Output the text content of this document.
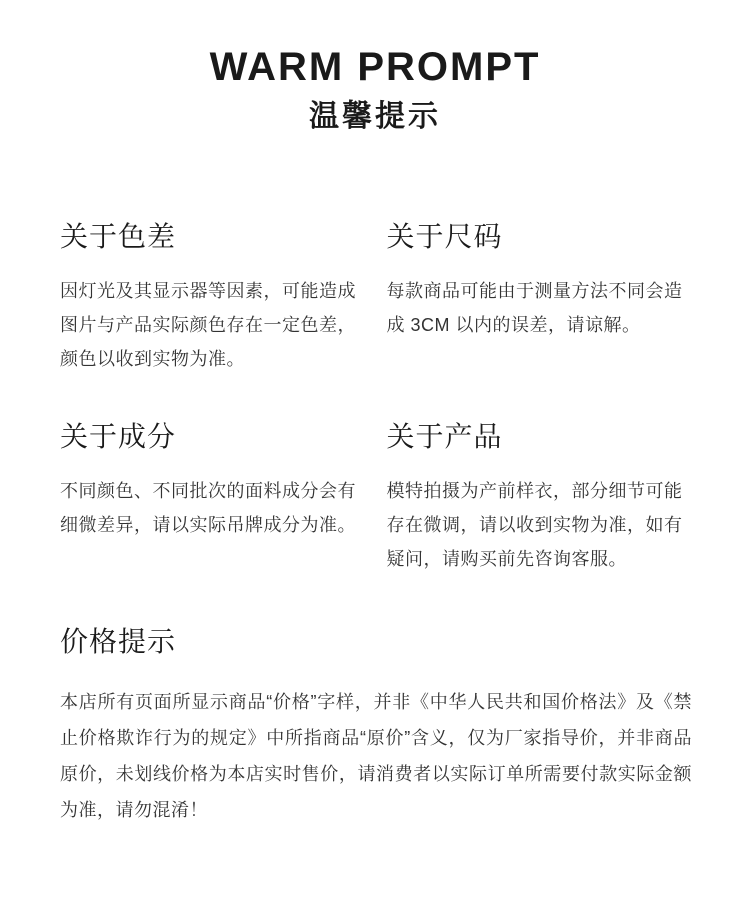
WARM PROMPT
温馨提示
关于色差

因灯光及其显示器等因素，可能造成图片与产品实际颜色存在一定色差，颜色以收到实物为准。

关于尺码

每款商品可能由于测量方法不同会造成 3CM 以内的误差，请谅解。

关于成分

不同颜色、不同批次的面料成分会有细微差异，请以实际吊牌成分为准。

关于产品

模特拍摄为产前样衣，部分细节可能存在微调，请以收到实物为准，如有疑问，请购买前先咨询客服。

价格提示

本店所有页面所显示商品“价格”字样，并非《中华人民共和国价格法》及《禁止价格欺诈行为的规定》中所指商品“原价”含义，仅为厂家指导价，并非商品原价，未划线价格为本店实时售价，请消费者以实际订单所需要付款实际金额为准，请勿混淆！
